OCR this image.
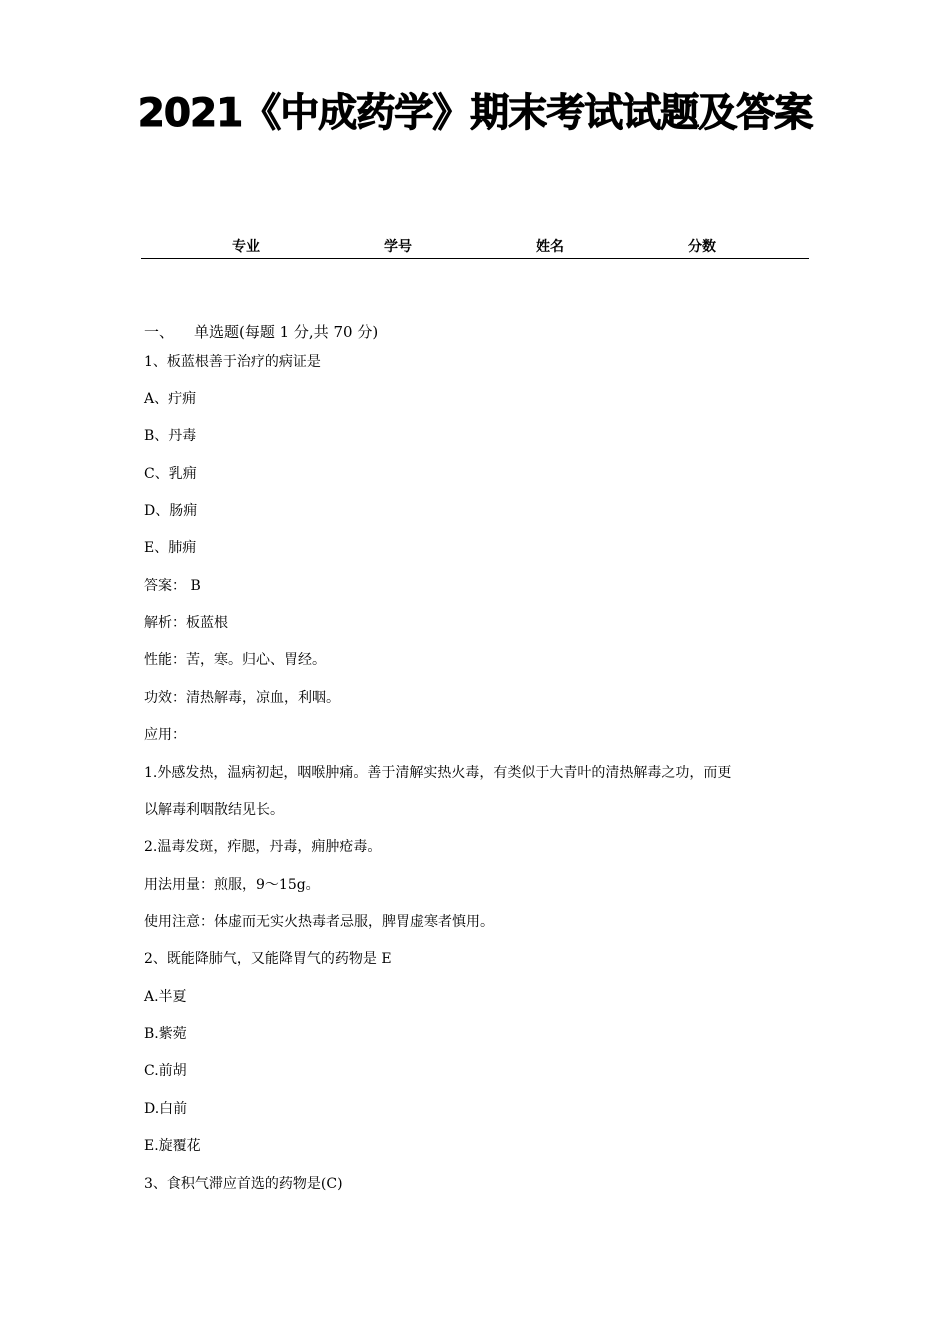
2021《中成药学》期末考试试题及答案
专业	学号	姓名	分数
一、 单选题(每题 1 分,共 70 分)
1、板蓝根善于治疗的病证是
A、疔痈
B、丹毒
C、乳痈
D、肠痈
E、肺痈
答案： B
解析：板蓝根
性能：苦，寒。归心、胃经。
功效：清热解毒，凉血，利咽。
应用：
1.外感发热，温病初起，咽喉肿痛。善于清解实热火毒，有类似于大青叶的清热解毒之功，而更
以解毒利咽散结见长。
2.温毒发斑，痄腮，丹毒，痈肿疮毒。
用法用量：煎服，9～15g。
使用注意：体虚而无实火热毒者忌服，脾胃虚寒者慎用。
2、既能降肺气，又能降胃气的药物是 E
A.半夏
B.紫菀
C.前胡
D.白前
E.旋覆花
3、食积气滞应首选的药物是(C)
